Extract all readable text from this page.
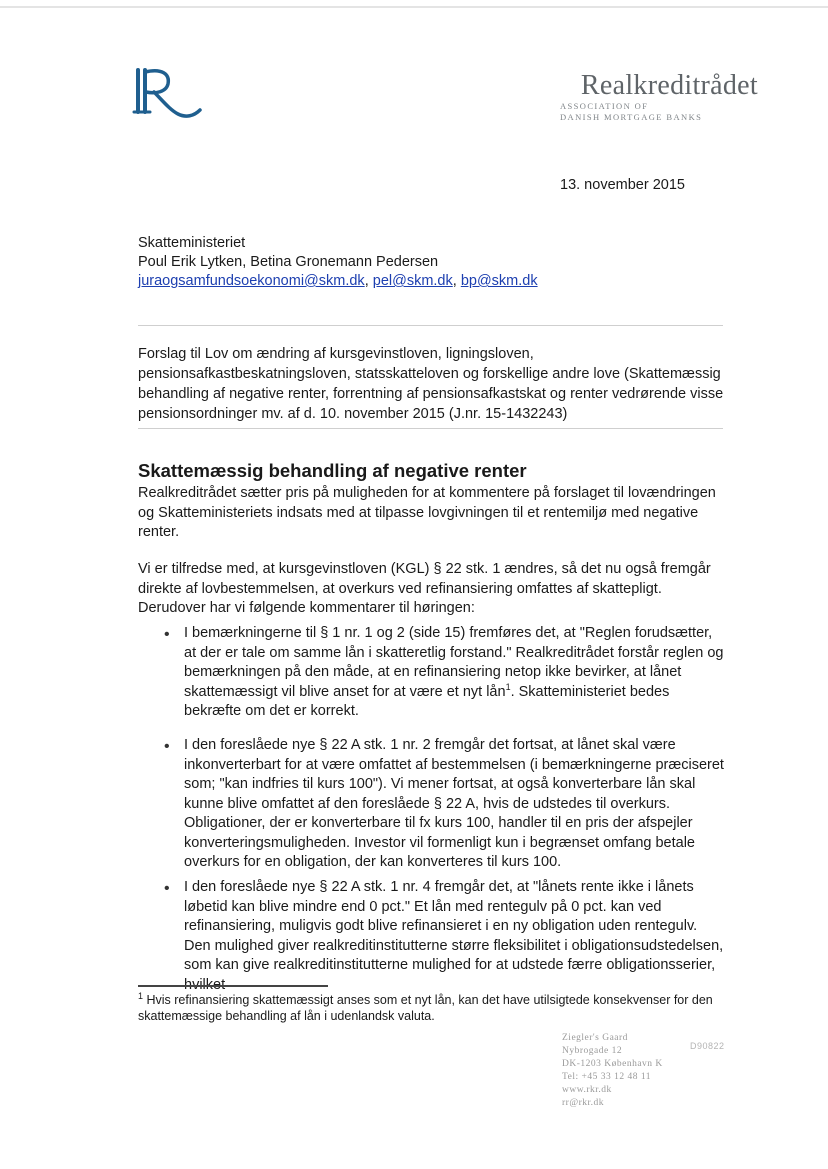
Realkreditrådet
ASSOCIATION OF
DANISH MORTGAGE BANKS
13. november 2015
Skatteministeriet
Poul Erik Lytken, Betina Gronemann Pedersen
juraogsamfundsoekonomi@skm.dk, pel@skm.dk, bp@skm.dk
Forslag til Lov om ændring af kursgevinstloven, ligningsloven, pensionsafkastbeskatningsloven, statsskatteloven og forskellige andre love (Skattemæssig behandling af negative renter, forrentning af pensionsafkastskat og renter vedrørende visse pensionsordninger mv. af d. 10. november 2015 (J.nr. 15-1432243)
Skattemæssig behandling af negative renter
Realkreditrådet sætter pris på muligheden for at kommentere på forslaget til lovændringen og Skatteministeriets indsats med at tilpasse lovgivningen til et rentemiljø med negative renter.
Vi er tilfredse med, at kursgevinstloven (KGL) § 22 stk. 1 ændres, så det nu også fremgår direkte af lovbestemmelsen, at overkurs ved refinansiering omfattes af skattepligt. Derudover har vi følgende kommentarer til høringen:
• I bemærkningerne til § 1 nr. 1 og 2 (side 15) fremføres det, at "Reglen forudsætter, at der er tale om samme lån i skatteretlig forstand." Realkreditrådet forstår reglen og bemærkningen på den måde, at en refinansiering netop ikke bevirker, at lånet skattemæssigt vil blive anset for at være et nyt lån$^1$. Skatteministeriet bedes bekræfte om det er korrekt.
• I den foreslåede nye § 22 A stk. 1 nr. 2 fremgår det fortsat, at lånet skal være inkonverterbart for at være omfattet af bestemmelsen (i bemærkningerne præciseret som; "kan indfries til kurs 100"). Vi mener fortsat, at også konverterbare lån skal kunne blive omfattet af den foreslåede § 22 A, hvis de udstedes til overkurs. Obligationer, der er konverterbare til fx kurs 100, handler til en pris der afspejler konverteringsmuligheden. Investor vil formenligt kun i begrænset omfang betale overkurs for en obligation, der kan konverteres til kurs 100.
• I den foreslåede nye § 22 A stk. 1 nr. 4 fremgår det, at "lånets rente ikke i lånets løbetid kan blive mindre end 0 pct." Et lån med rentegulv på 0 pct. kan ved refinansiering, muligvis godt blive refinansieret i en ny obligation uden rentegulv. Den mulighed giver realkreditinstitutterne større fleksibilitet i obligationsudstedelsen, som kan give realkreditinstitutterne mulighed for at udstede færre obligationsserier,
$^1$ Hvis refinansiering skattemæssigt anses som et nyt lån, kan det have utilsigtede konsekvenser for den skattemæssige behandling af lån i udenlandsk valuta.
Ziegler's Gaard
Nybrogade 12
DK-1203 København K
Tel: +45 33 12 48 11
www.rkr.dk
rr@rkr.dk
D90822
